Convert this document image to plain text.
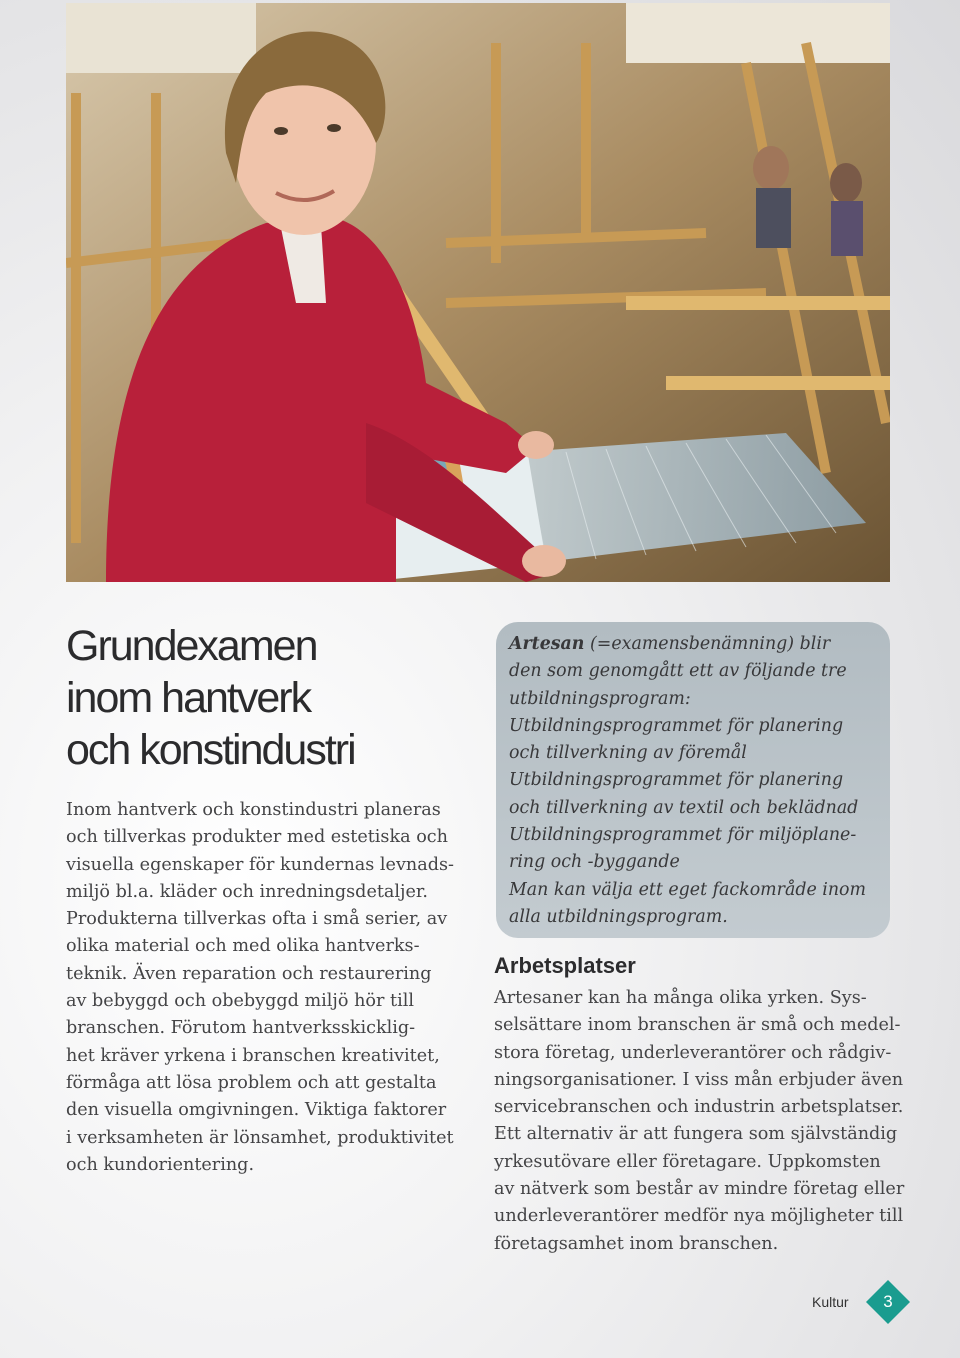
Grundexamen
inom hantverk
och konstindustri
Inom hantverk och konstindustri planeras
och tillverkas produkter med estetiska och
visuella egenskaper för kundernas levnads-
miljö bl.a. kläder och inredningsdetaljer.
Produkterna tillverkas ofta i små serier, av
olika material och med olika hantverks-
teknik. Även reparation och restaurering
av bebyggd och obebyggd miljö hör till
branschen. Förutom hantverksskicklig-
het kräver yrkena i branschen kreativitet,
förmåga att lösa problem och att gestalta
den visuella omgivningen. Viktiga faktorer
i verksamheten är lönsamhet, produktivitet
och kundorientering.
Artesan (=examensbenämning) blir
den som genomgått ett av följande tre
utbildningsprogram:
Utbildningsprogrammet för planering
och tillverkning av föremål
Utbildningsprogrammet för planering
och tillverkning av textil och beklädnad
Utbildningsprogrammet för miljöplane-
ring och -byggande
Man kan välja ett eget fackområde inom
alla utbildningsprogram.
Arbetsplatser
Artesaner kan ha många olika yrken. Sys-
selsättare inom branschen är små och medel-
stora företag, underleverantörer och rådgiv-
ningsorganisationer. I viss mån erbjuder även
servicebranschen och industrin arbetsplatser.
Ett alternativ är att fungera som självständig
yrkesutövare eller företagare. Uppkomsten
av nätverk som består av mindre företag eller
underleverantörer medför nya möjligheter till
företagsamhet inom branschen.
Kultur	3
